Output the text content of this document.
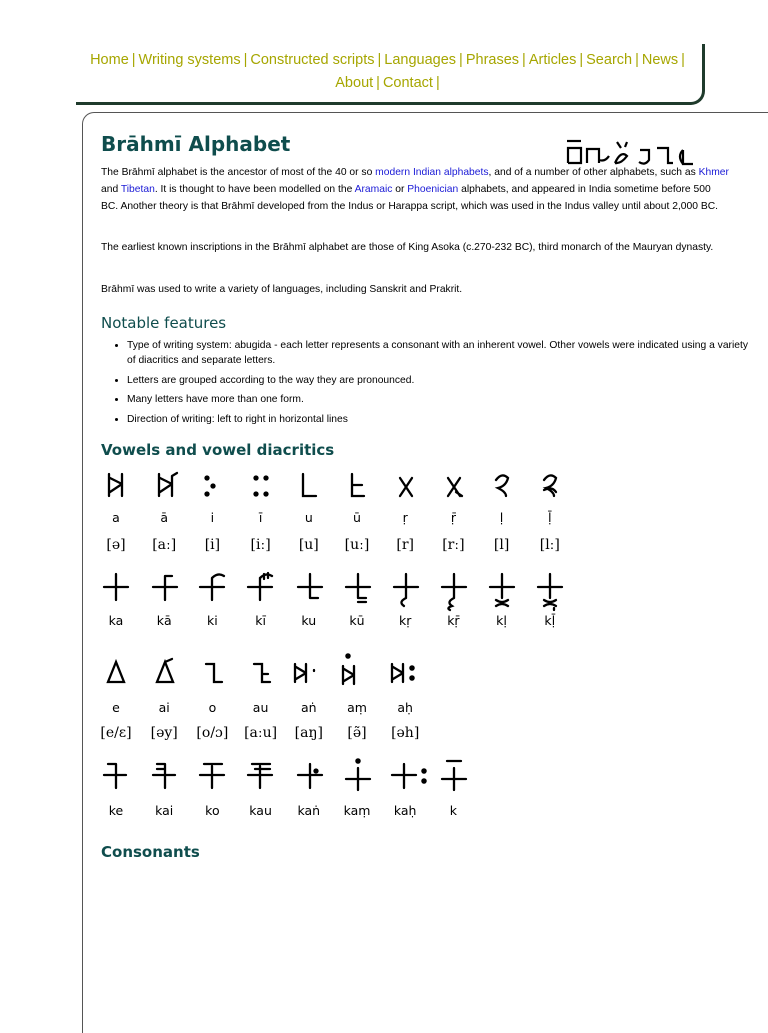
Home | Writing systems | Constructed scripts | Languages | Phrases | Articles | Search | News |
About | Contact |
Brāhmī Alphabet

The Brāhmī alphabet is the ancestor of most of the 40 or so modern Indian alphabets, and of a number of other alphabets, such as Khmer and Tibetan. It is thought to have been modelled on the Aramaic or Phoenician alphabets, and appeared in India sometime before 500 BC. Another theory is that Brāhmī developed from the Indus or Harappa script, which was used in the Indus valley until about 2,000 BC.

The earliest known inscriptions in the Brāhmī alphabet are those of King Asoka (c.270-232 BC), third monarch of the Mauryan dynasty.

Brāhmī was used to write a variety of languages, including Sanskrit and Prakrit.

Notable features
• Type of writing system: abugida - each letter represents a consonant with an inherent vowel. Other vowels were indicated using a variety of diacritics and separate letters.
• Letters are grouped according to the way they are pronounced.
• Many letters have more than one form.
• Direction of writing: left to right in horizontal lines
Vowels and vowel diacritics
a	ā	i	ī	u	ū	ṛ	ṝ	ḷ	ḹ
[ə]	[aː]	[i]	[iː]	[u]	[uː]	[r]	[rː]	[l]	[lː]
ka	kā	ki	kī	ku	kū	kṛ	kṝ	kḷ	kḹ
e	ai	o	au	aṅ	aṃ	aḥ
[e/ɛ]	[əy]	[o/ɔ]	[aːu]	[aŋ]	[ə̃]	[əh]
ke	kai	ko	kau	kaṅ	kaṃ	kaḥ	k
Consonants
